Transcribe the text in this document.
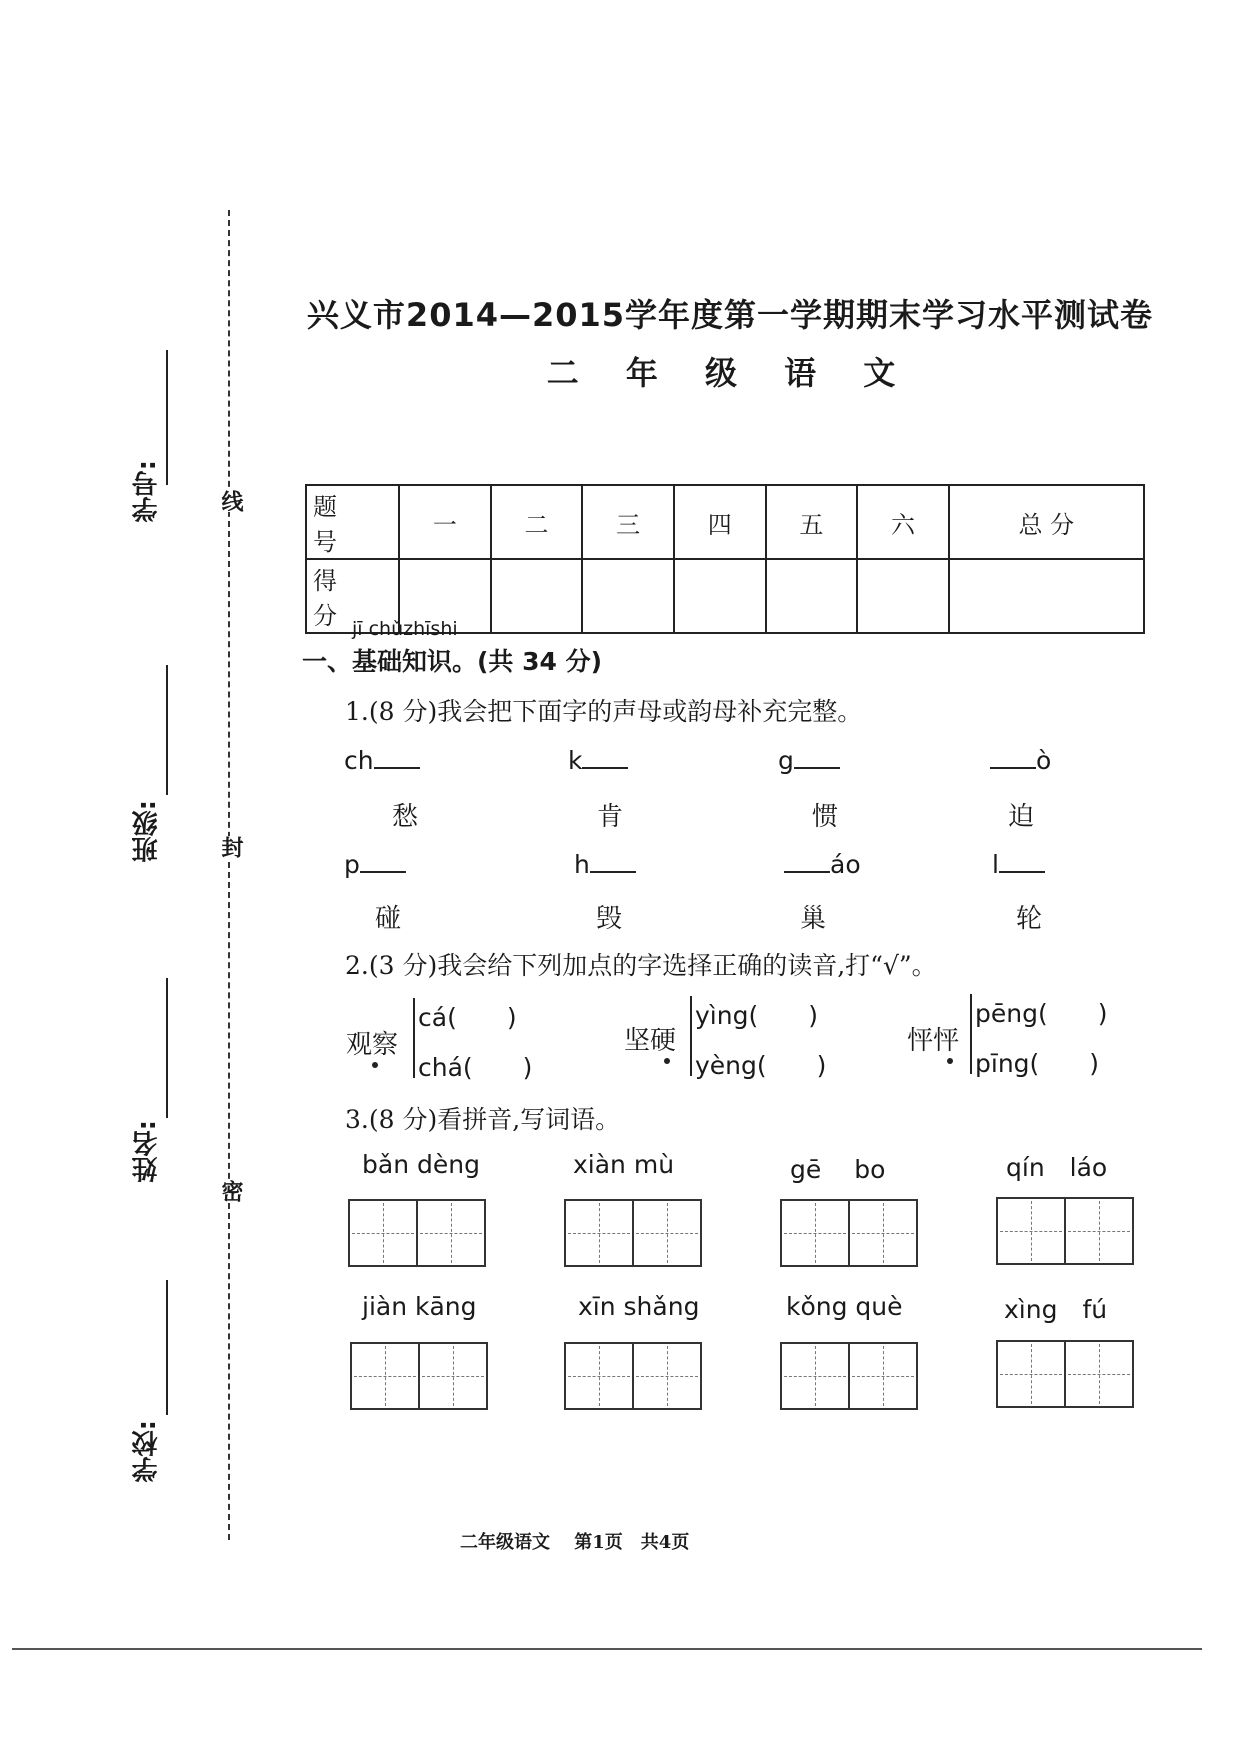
学号:
班级:
姓名:
学校:
线
封
密
兴义市2014—2015学年度第一学期期末学习水平测试卷
二 年 级 语 文
题 号	一	二	三	四	五	六	总 分
得 分							jī chǔzhīshi
一、基础知识。(共 34 分)
1.(8 分)我会把下面字的声母或韵母补充完整。
ch	k	g	ò
愁	肯	惯	迫
p	h	áo	l
碰	毁	巢	轮
2.(3 分)我会给下列加点的字选择正确的读音,打“√”。
观察
cá(　　)
chá(　　)
坚硬
yìng(　　)
yèng(　　)
怦怦
pēng(　　)
pīng(　　)
3.(8 分)看拼音,写词语。
bǎn dèng	xiàn mù	gē　 bo	qín　láo
jiàn kāng	xīn shǎng	kǒng què	xìng　fú
二年级语文　 第1页　共4页
